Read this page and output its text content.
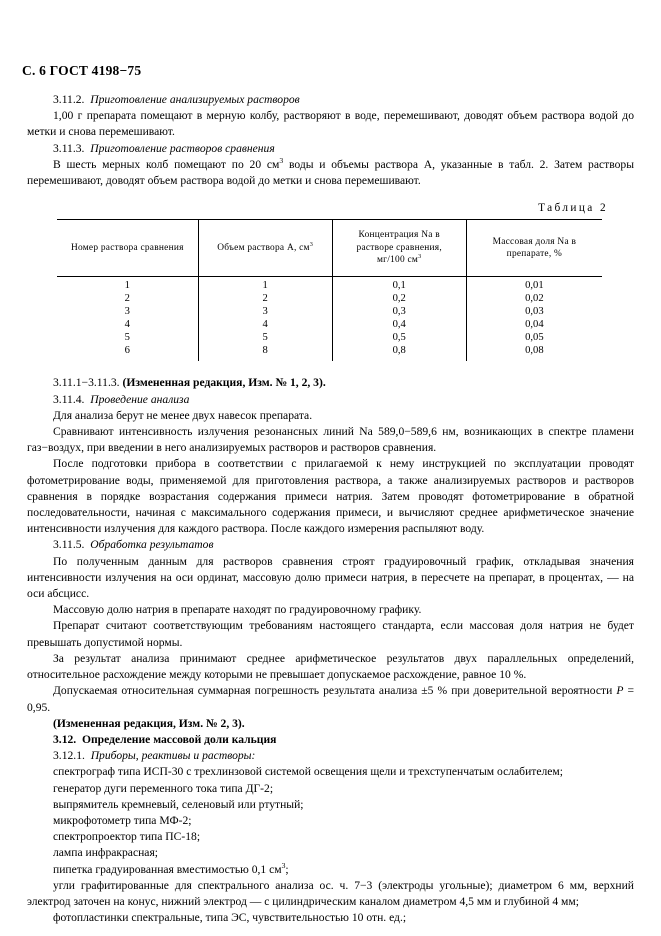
С. 6 ГОСТ 4198−75

3.11.2. Приготовление анализируемых растворов

1,00 г препарата помещают в мерную колбу, растворяют в воде, перемешивают, доводят объем раствора водой до метки и снова перемешивают.

3.11.3. Приготовление растворов сравнения

В шесть мерных колб помещают по 20 $см^3$ воды и объемы раствора А, указанные в табл. 2. Затем растворы перемешивают, доводят объем раствора водой до метки и снова перемешивают.

Таблица 2
Номер раствора сравнения	Объем раствора А, $см^3$	Концентрация Na в
растворе сравнения,
мг/100 $см^3$	Массовая доля Na в
препарате, %
1	1	0,1	0,01
2	2	0,2	0,02
3	3	0,3	0,03
4	4	0,4	0,04
5	5	0,5	0,05
6	8	0,8	0,08

3.11.1−3.11.3. (Измененная редакция, Изм. № 1, 2, 3).

3.11.4. Проведение анализа

Для анализа берут не менее двух навесок препарата.

Сравнивают интенсивность излучения резонансных линий Na 589,0−589,6 нм, возникающих в спектре пламени газ−воздух, при введении в него анализируемых растворов и растворов сравнения.

После подготовки прибора в соответствии с прилагаемой к нему инструкцией по эксплуатации проводят фотометрирование воды, применяемой для приготовления раствора, а также анализируемых растворов и растворов сравнения в порядке возрастания содержания примеси натрия. Затем проводят фотометрирование в обратной последовательности, начиная с максимального содержания примеси, и вычисляют среднее арифметическое значение интенсивности излучения для каждого раствора. После каждого измерения распыляют воду.

3.11.5. Обработка результатов

По полученным данным для растворов сравнения строят градуировочный график, откладывая значения интенсивности излучения на оси ординат, массовую долю примеси натрия, в пересчете на препарат, в процентах, — на оси абсцисс.

Массовую долю натрия в препарате находят по градуировочному графику.

Препарат считают соответствующим требованиям настоящего стандарта, если массовая доля натрия не будет превышать допустимой нормы.

За результат анализа принимают среднее арифметическое результатов двух параллельных определений, относительное расхождение между которыми не превышает допускаемое расхождение, равное 10 %.

Допускаемая относительная суммарная погрешность результата анализа ±5 % при доверительной вероятности P = 0,95.

(Измененная редакция, Изм. № 2, 3).

3.12. Определение массовой доли кальция

3.12.1. Приборы, реактивы и растворы:

спектрограф типа ИСП-30 с трехлинзовой системой освещения щели и трехступенчатым ослабителем;

генератор дуги переменного тока типа ДГ-2;

выпрямитель кремневый, селеновый или ртутный;

микрофотометр типа МФ-2;

спектропроектор типа ПС-18;

лампа инфракрасная;

пипетка градуированная вместимостью 0,1 $см^3$;

угли графитированные для спектрального анализа ос. ч. 7−3 (электроды угольные); диаметром 6 мм, верхний электрод заточен на конус, нижний электрод — с цилиндрическим каналом диаметром 4,5 мм и глубиной 4 мм;

фотопластинки спектральные, типа ЭС, чувствительностью 10 отн. ед.;
